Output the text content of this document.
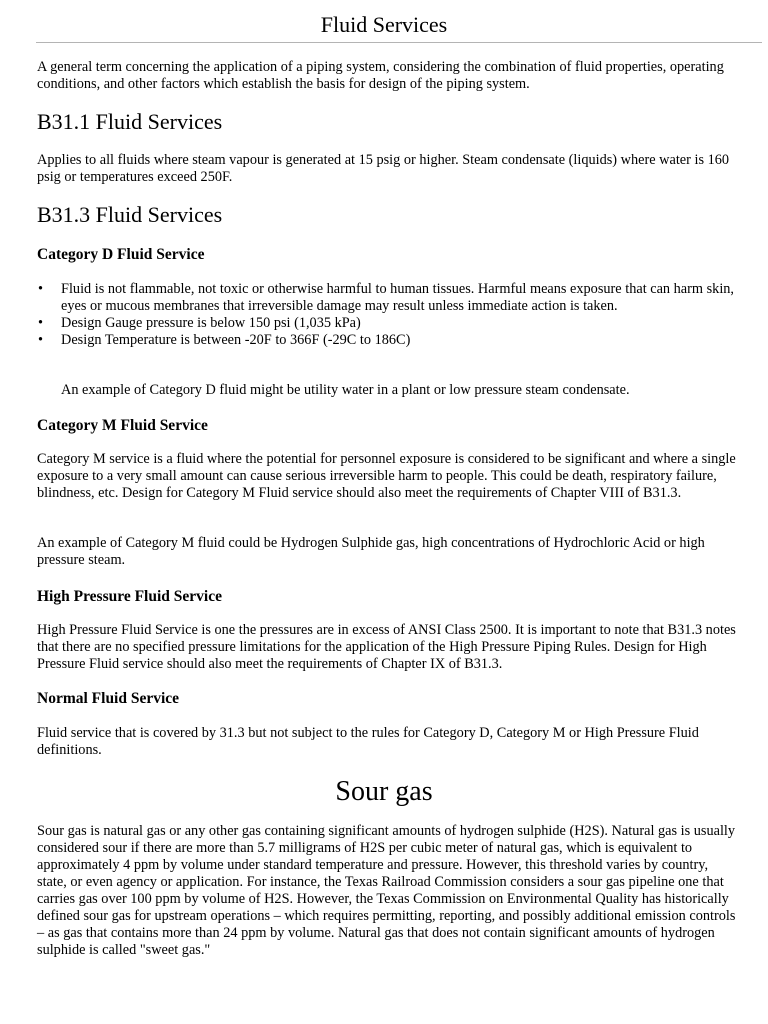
Fluid Services

A general term concerning the application of a piping system, considering the combination of fluid properties, operating conditions, and other factors which establish the basis for design of the piping system.

B31.1 Fluid Services

Applies to all fluids where steam vapour is generated at 15 psig or higher. Steam condensate (liquids) where water is 160 psig or temperatures exceed 250F.

B31.3 Fluid Services
Category D Fluid Service
• Fluid is not flammable, not toxic or otherwise harmful to human tissues. Harmful means exposure that can harm skin, eyes or mucous membranes that irreversible damage may result unless immediate action is taken.
• Design Gauge pressure is below 150 psi (1,035 kPa)
• Design Temperature is between -20F to 366F (-29C to 186C)

An example of Category D fluid might be utility water in a plant or low pressure steam condensate.

Category M Fluid Service

Category M service is a fluid where the potential for personnel exposure is considered to be significant and where a single exposure to a very small amount can cause serious irreversible harm to people. This could be death, respiratory failure, blindness, etc. Design for Category M Fluid service should also meet the requirements of Chapter VIII of B31.3.

An example of Category M fluid could be Hydrogen Sulphide gas, high concentrations of Hydrochloric Acid or high pressure steam.

High Pressure Fluid Service

High Pressure Fluid Service is one the pressures are in excess of ANSI Class 2500. It is important to note that B31.3 notes that there are no specified pressure limitations for the application of the High Pressure Piping Rules. Design for High Pressure Fluid service should also meet the requirements of Chapter IX of B31.3.

Normal Fluid Service

Fluid service that is covered by 31.3 but not subject to the rules for Category D, Category M or High Pressure Fluid definitions.

Sour gas

Sour gas is natural gas or any other gas containing significant amounts of hydrogen sulphide (H2S). Natural gas is usually considered sour if there are more than 5.7 milligrams of H2S per cubic meter of natural gas, which is equivalent to approximately 4 ppm by volume under standard temperature and pressure. However, this threshold varies by country, state, or even agency or application. For instance, the Texas Railroad Commission considers a sour gas pipeline one that carries gas over 100 ppm by volume of H2S. However, the Texas Commission on Environmental Quality has historically defined sour gas for upstream operations – which requires permitting, reporting, and possibly additional emission controls – as gas that contains more than 24 ppm by volume. Natural gas that does not contain significant amounts of hydrogen sulphide is called "sweet gas."
